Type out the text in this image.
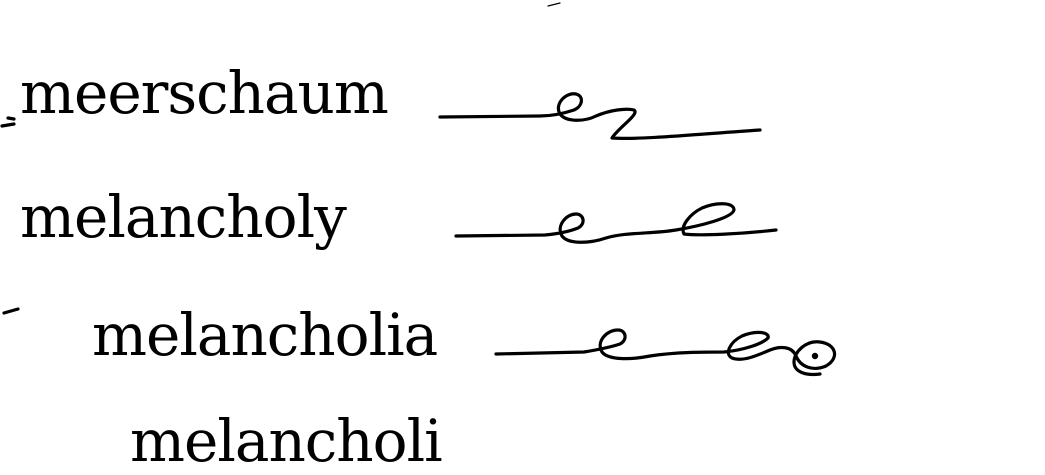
meerschaum
melancholy
melancholia
melancholi
